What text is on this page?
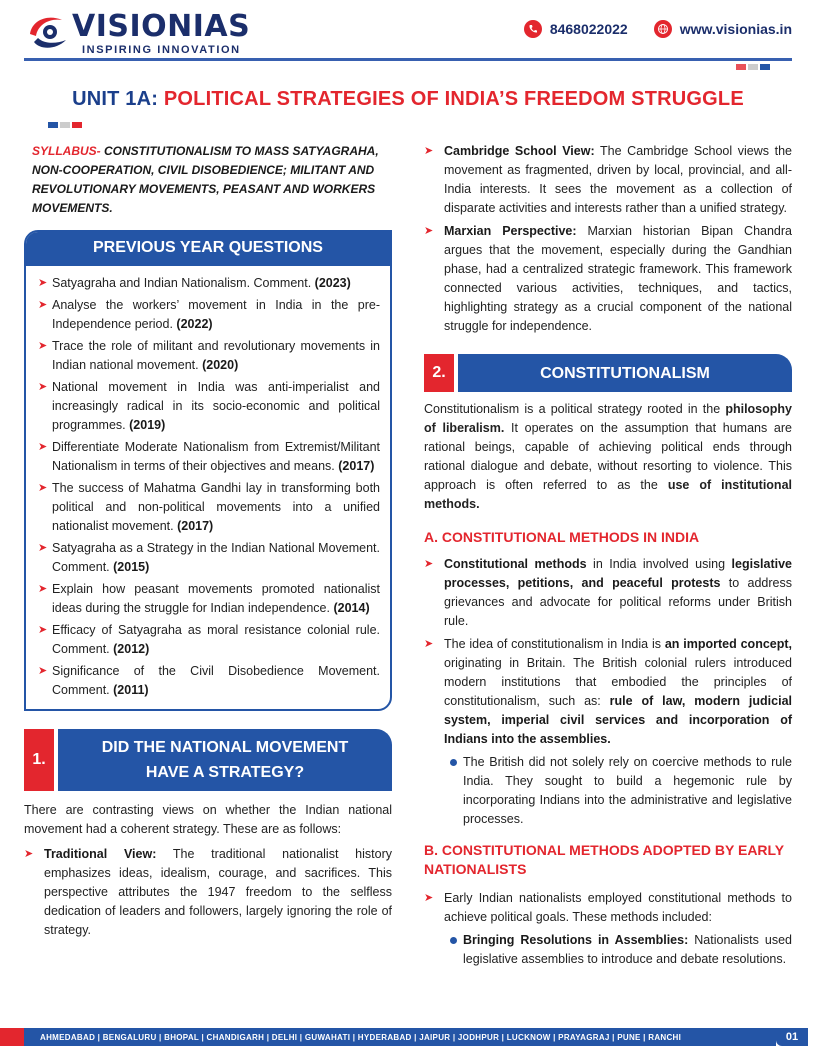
VISIONIAS
INSPIRING INNOVATION
8468022022	www.visionias.in
UNIT 1A: POLITICAL STRATEGIES OF INDIA’S FREEDOM STRUGGLE
SYLLABUS- CONSTITUTIONALISM TO MASS SATYAGRAHA, NON-COOPERATION, CIVIL DISOBEDIENCE; MILITANT AND REVOLUTIONARY MOVEMENTS, PEASANT AND WORKERS MOVEMENTS.
PREVIOUS YEAR QUESTIONS
➤ Satyagraha and Indian Nationalism. Comment. (2023)
➤ Analyse the workers’ movement in India in the pre-Independence period. (2022)
➤ Trace the role of militant and revolutionary movements in Indian national movement. (2020)
➤ National movement in India was anti-imperialist and increasingly radical in its socio-economic and political programmes. (2019)
➤ Differentiate Moderate Nationalism from Extremist/Militant Nationalism in terms of their objectives and means. (2017)
➤ The success of Mahatma Gandhi lay in transforming both political and non-political movements into a unified nationalist movement. (2017)
➤ Satyagraha as a Strategy in the Indian National Movement. Comment. (2015)
➤ Explain how peasant movements promoted nationalist ideas during the struggle for Indian independence. (2014)
➤ Efficacy of Satyagraha as moral resistance colonial rule. Comment. (2012)
➤ Significance of the Civil Disobedience Movement. Comment. (2011)
1.
DID THE NATIONAL MOVEMENT
HAVE A STRATEGY?
There are contrasting views on whether the Indian national movement had a coherent strategy. These are as follows:
➤ Traditional View: The traditional nationalist history emphasizes ideas, idealism, courage, and sacrifices. This perspective attributes the 1947 freedom to the selfless dedication of leaders and followers, largely ignoring the role of strategy.
➤ Cambridge School View: The Cambridge School views the movement as fragmented, driven by local, provincial, and all-India interests. It sees the movement as a collection of disparate activities and interests rather than a unified strategy.
➤ Marxian Perspective: Marxian historian Bipan Chandra argues that the movement, especially during the Gandhian phase, had a centralized strategic framework. This framework connected various activities, techniques, and tactics, highlighting strategy as a crucial component of the national struggle for independence.
2.	CONSTITUTIONALISM
Constitutionalism is a political strategy rooted in the philosophy of liberalism. It operates on the assumption that humans are rational beings, capable of achieving political ends through rational dialogue and debate, without resorting to violence. This approach is often referred to as the use of institutional methods.
A. CONSTITUTIONAL METHODS IN INDIA
➤ Constitutional methods in India involved using legislative processes, petitions, and peaceful protests to address grievances and advocate for political reforms under British rule.
➤ The idea of constitutionalism in India is an imported concept, originating in Britain. The British colonial rulers introduced modern institutions that embodied the principles of constitutionalism, such as: rule of law, modern judicial system, imperial civil services and incorporation of Indians into the assemblies.
The British did not solely rely on coercive methods to rule India. They sought to build a hegemonic rule by incorporating Indians into the administrative and legislative processes.
B. CONSTITUTIONAL METHODS ADOPTED BY EARLY NATIONALISTS
➤ Early Indian nationalists employed constitutional methods to achieve political goals. These methods included:
Bringing Resolutions in Assemblies: Nationalists used legislative assemblies to introduce and debate resolutions.
AHMEDABAD | BENGALURU | BHOPAL | CHANDIGARH | DELHI | GUWAHATI | HYDERABAD | JAIPUR | JODHPUR | LUCKNOW | PRAYAGRAJ | PUNE | RANCHI	01
